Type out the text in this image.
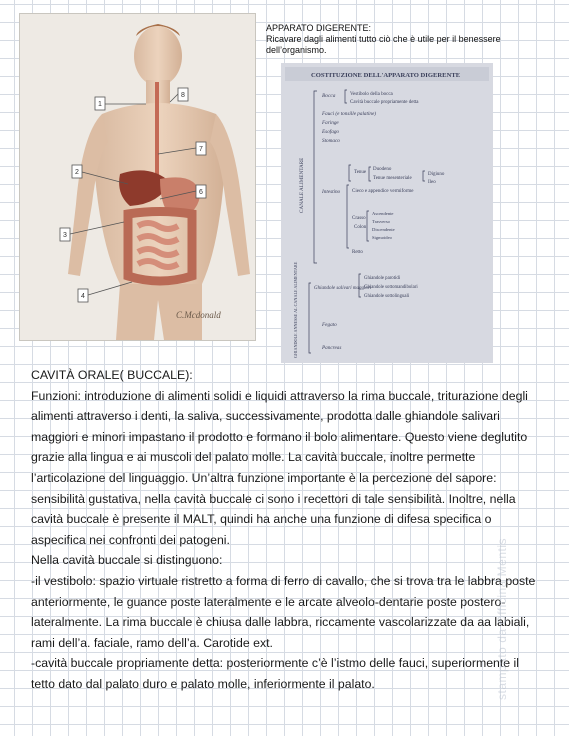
1
2
3
4
6
7
8
C.Mcdonald
APPARATO DIGERENTE:
Ricavare dagli alimenti tutto ciò che è utile per il benessere
dell’organismo.
COSTITUZIONE DELL'APPARATO DIGERENTE
CANALE ALIMENTARE
GHIANDOLE ANNESSE AL CANALE ALIMENTARE
Bocca	Vestibolo della bocca
Cavità buccale propriamente detta
Fauci (e tonsille palatine)
Faringe
Esofago
Stomaco
Intestino
Tenue
Duodeno
Tenue mesenteriale
Digiuno
Ileo
Crasso
Cieco e appendice vermiforme
Colon
Ascendente
Trasverso
Discendente
Sigmoideo
Retto
Ghiandole salivari maggiori
Ghiandole parotidi
Ghiandole sottomandibolari
Ghiandole sottolinguali
Fegato
Pancreas

CAVITÀ ORALE( BUCCALE):

Funzioni: introduzione di alimenti solidi e liquidi attraverso la rima buccale, triturazione degli

alimenti attraverso i denti, la saliva, successivamente, prodotta dalle ghiandole salivari

maggiori e minori impastano il prodotto e formano il bolo alimentare. Questo viene deglutito

grazie alla lingua e ai muscoli del palato molle. La cavità buccale, inoltre permette

l’articolazione del linguaggio. Un’altra funzione importante è la percezione del sapore:

sensibilità gustativa, nella cavità buccale ci sono i recettori di tale sensibilità. Inoltre, nella

cavità buccale è presente il MALT, quindi ha anche una funzione di difesa specifica o

aspecifica nei confronti dei patogeni.

Nella cavità buccale si distinguono:

-il vestibolo: spazio virtuale ristretto a forma di ferro di cavallo, che si trova tra le labbra poste

anteriormente, le guance poste lateralmente e le arcate alveolo-dentarie poste postero-

lateralmente. La rima buccale è chiusa dalle labbra, riccamente vascolarizzate da aa labiali,

rami dell’a. faciale, ramo dell’a. Carotide ext.

-cavità buccale propriamente detta: posteriormente c’è l’istmo delle fauci, superiormente il

tetto dato dal palato duro e palato molle, inferiormente il palato.	stampato da Officina Mentis
